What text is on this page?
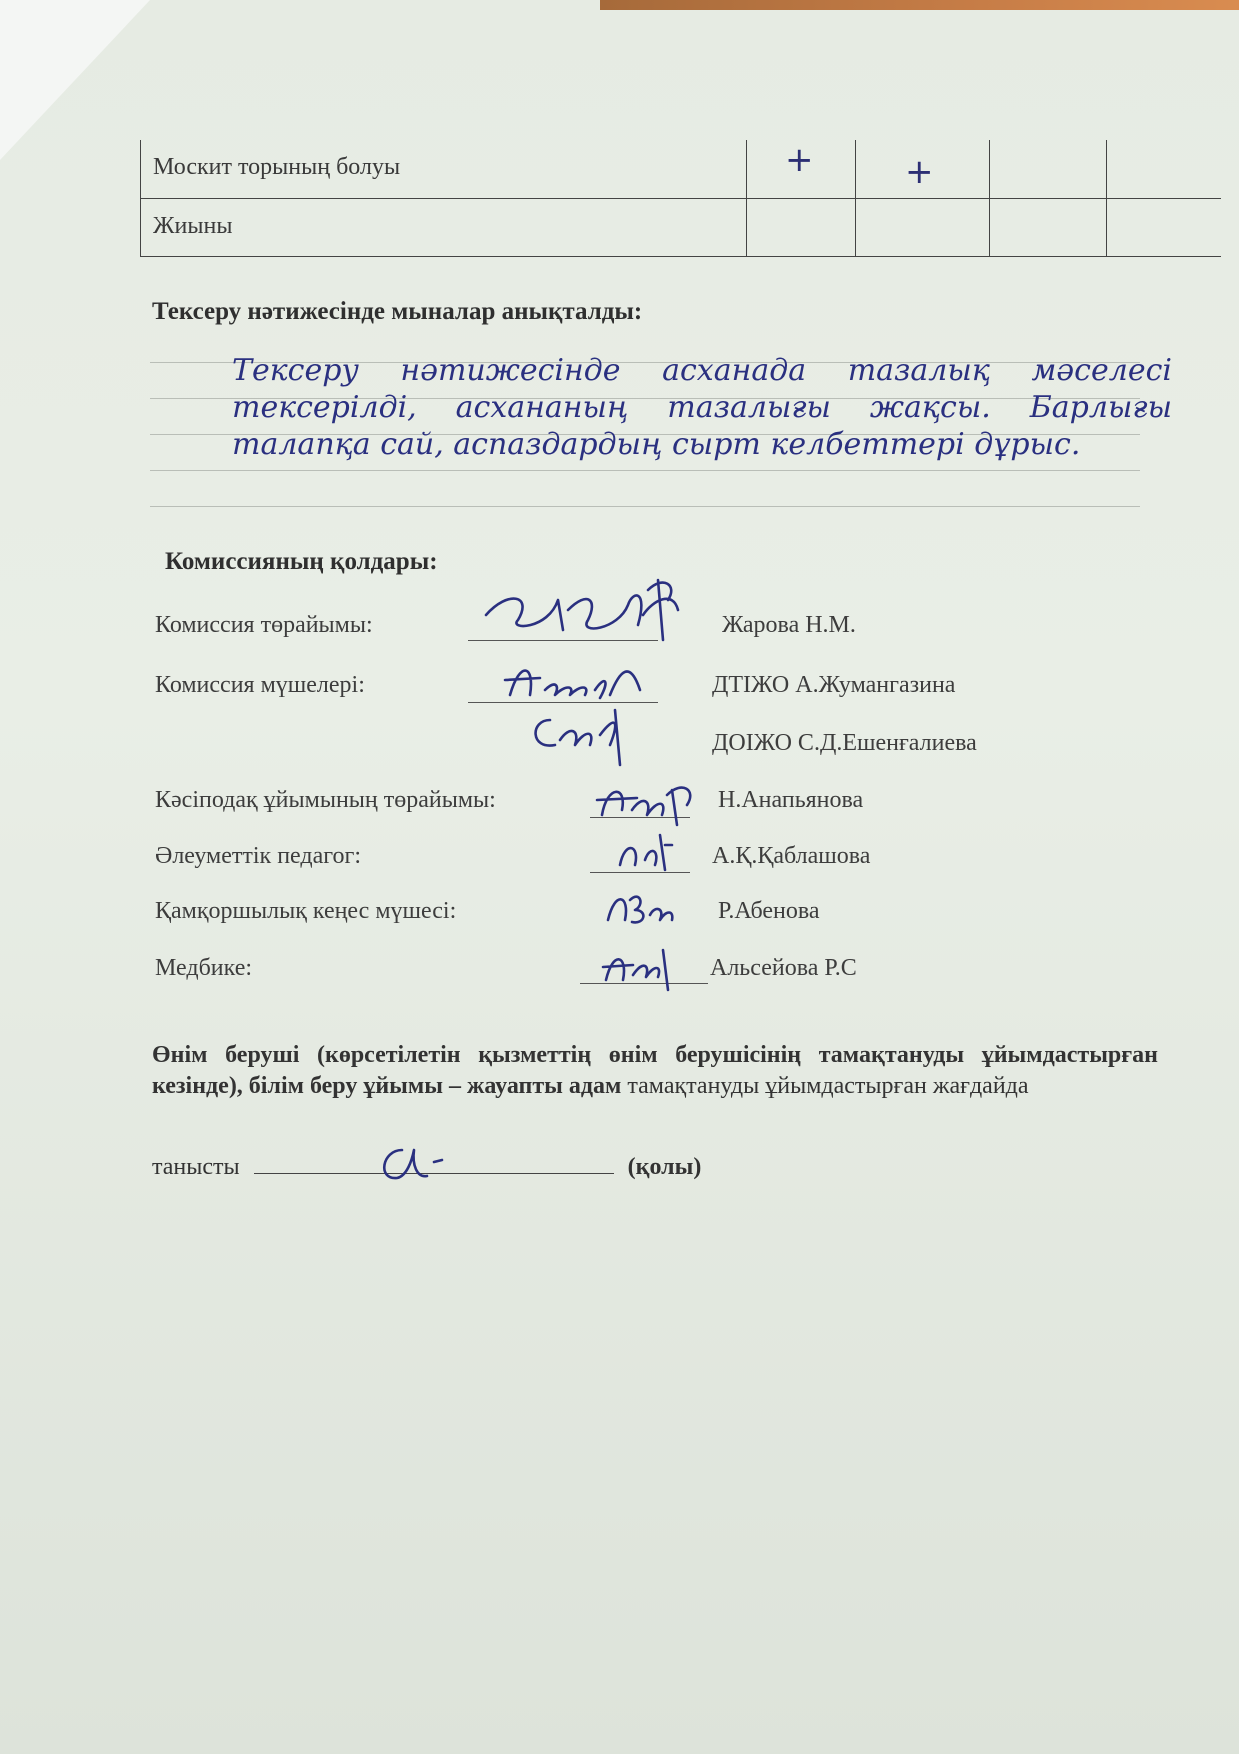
Москит торының болуы	+	+
Жиыны
Тексеру нәтижесінде мыналар анықталды:
Тексеру нәтижесінде асханада тазалық мәселесі тексерілді, асхананың тазалығы жақсы. Барлығы талапқа сай, аспаздардың сырт келбеттері дұрыс.
Комиссияның қолдары:
Комиссия төрайымы:	Жарова Н.М.
Комиссия мүшелері:	ДТІЖО А.Жумангазина
ДОІЖО С.Д.Ешенғалиева
Кәсіподақ ұйымының төрайымы:	Н.Анапьянова
Әлеуметтік педагог:	А.Қ.Қаблашова
Қамқоршылық кеңес мүшесі:	Р.Абенова
Медбике:	Альсейова Р.С
Өнім беруші (көрсетілетін қызметтің өнім берушісінің тамақтануды ұйымдастырған кезінде), білім беру ұйымы – жауапты адам тамақтануды ұйымдастырған жағдайда
танысты	(қолы)
